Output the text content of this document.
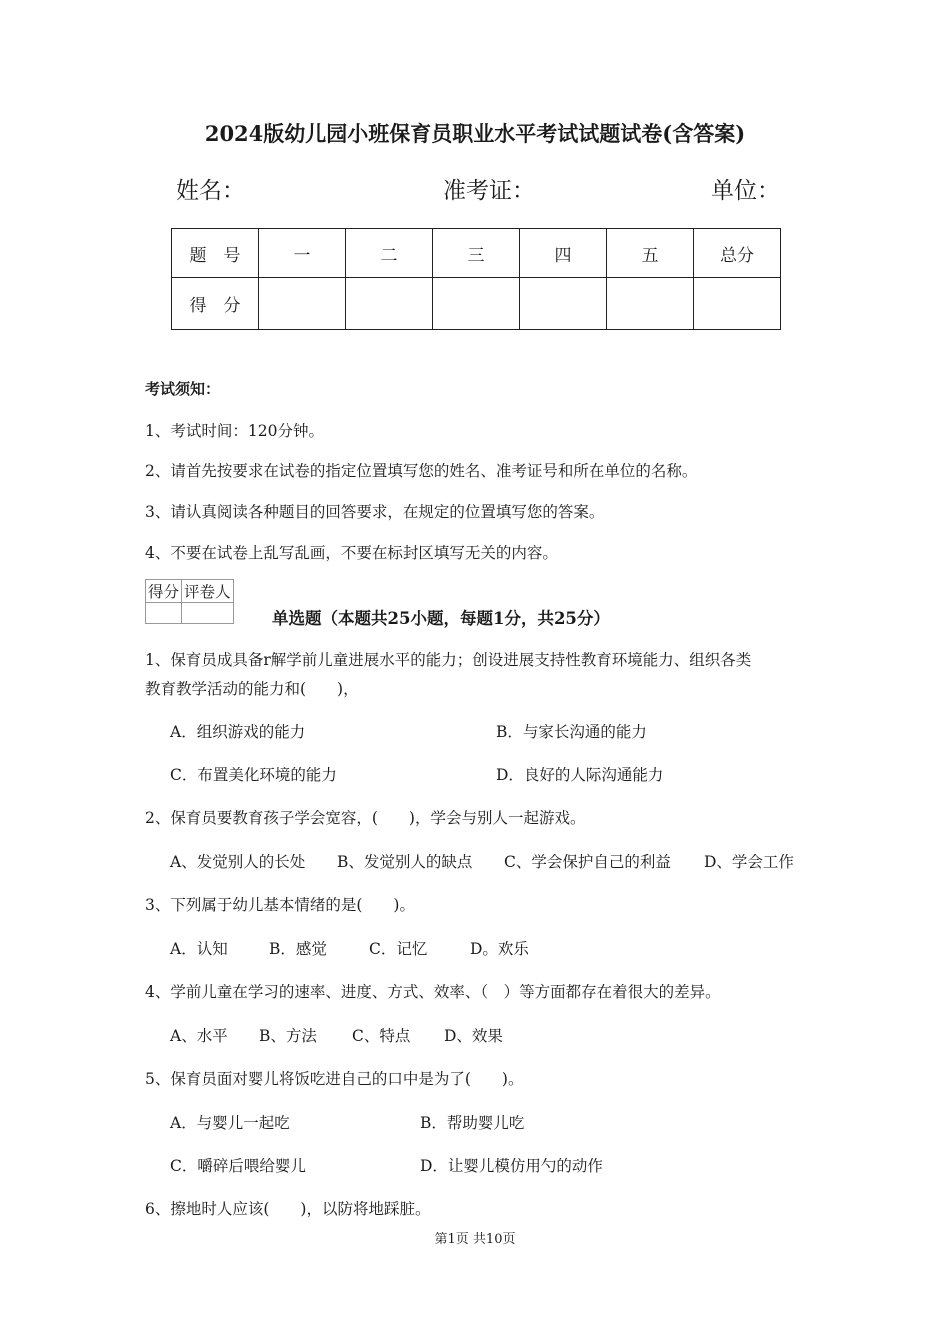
2024版幼儿园小班保育员职业水平考试试题试卷(含答案)
姓名：	准考证：	单位：
题　号	一	二	三	四	五	总分
得　分						
考试须知：
1、考试时间：120分钟。
2、请首先按要求在试卷的指定位置填写您的姓名、准考证号和所在单位的名称。
3、请认真阅读各种题目的回答要求，在规定的位置填写您的答案。
4、不要在试卷上乱写乱画，不要在标封区填写无关的内容。
得分	评卷人

单选题（本题共25小题，每题1分，共25分）
1、保育员成具备r解学前儿童进展水平的能力；创设进展支持性教育环境能力、组织各类
教育教学活动的能力和(　　)，
A．组织游戏的能力	B．与家长沟通的能力
C．布置美化环境的能力	D．良好的人际沟通能力
2、保育员要教育孩子学会宽容，(　　)，学会与别人一起游戏。
A、发觉别人的长处 B、发觉别人的缺点 C、学会保护自己的利益 D、学会工作
3、下列属于幼儿基本情绪的是(　　)。
A．认知	B．感觉	C．记忆	D。欢乐
4、学前儿童在学习的速率、进度、方式、效率、（　）等方面都存在着很大的差异。
A、水平 B、方法 C、特点 D、效果
5、保育员面对婴儿将饭吃进自己的口中是为了(　　)。
A．与婴儿一起吃	B．帮助婴儿吃
C．嚼碎后喂给婴儿	D．让婴儿模仿用勺的动作
6、擦地时人应该(　　)，以防将地踩脏。
第1页 共10页
